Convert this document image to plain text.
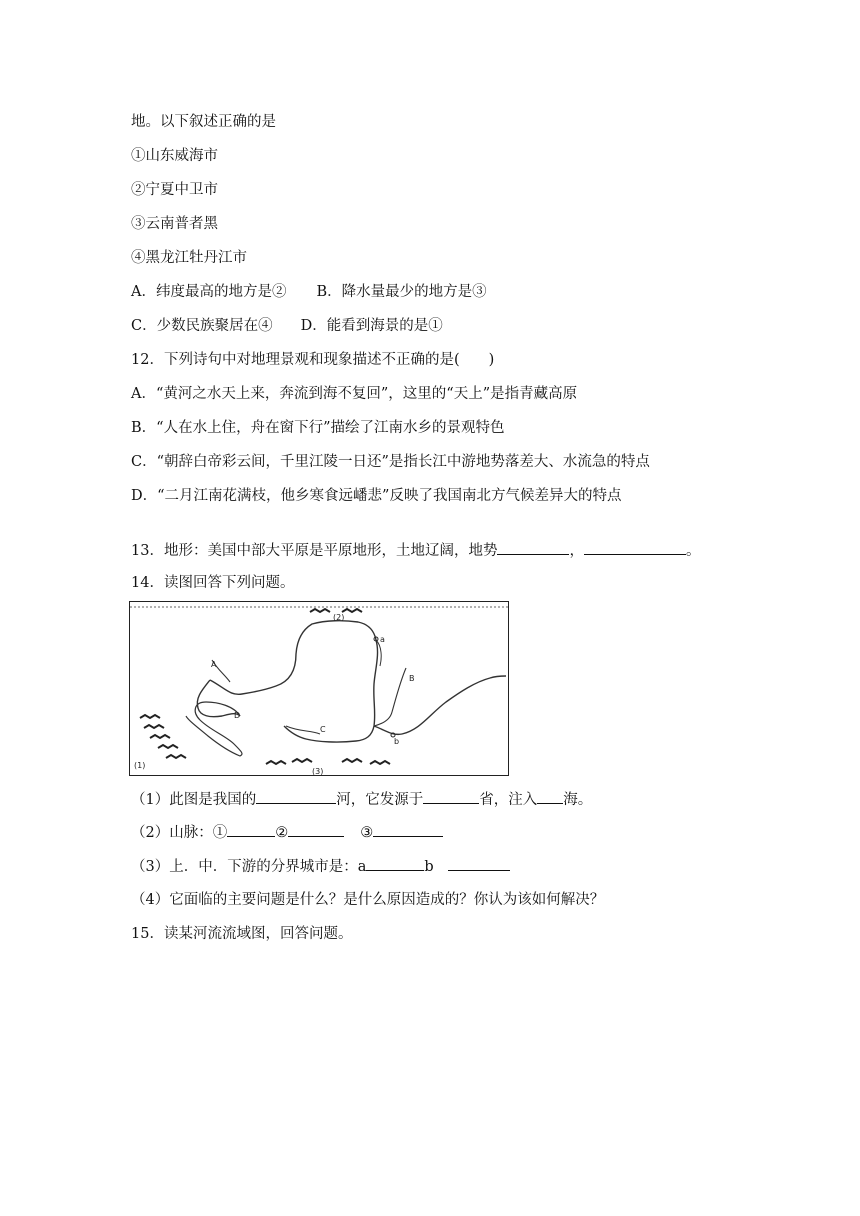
地。以下叙述正确的是
①山东威海市
②宁夏中卫市
③云南普者黑
④黑龙江牡丹江市
A．纬度最高的地方是② B．降水量最少的地方是③
C．少数民族聚居在④ D．能看到海景的是①
12．下列诗句中对地理景观和现象描述不正确的是(　　)
A．“黄河之水天上来，奔流到海不复回”，这里的“天上”是指青藏高原
B．“人在水上住，舟在窗下行”描绘了江南水乡的景观特色
C．“朝辞白帝彩云间，千里江陵一日还”是指长江中游地势落差大、水流急的特点
D．“二月江南花满枝，他乡寒食远嶓悲”反映了我国南北方气候差异大的特点
13．地形：美国中部大平原是平原地形，土地辽阔，地势	，	。
14．读图回答下列问题。
A
B
C
D
a
b
(2)
(3)
(1)
（1）此图是我国的	河，它发源于	省，注入 海。
（2）山脉：①	②	③
（3）上．中．下游的分界城市是：a	b
（4）它面临的主要问题是什么？是什么原因造成的？你认为该如何解决？
15．读某河流流域图，回答问题。
